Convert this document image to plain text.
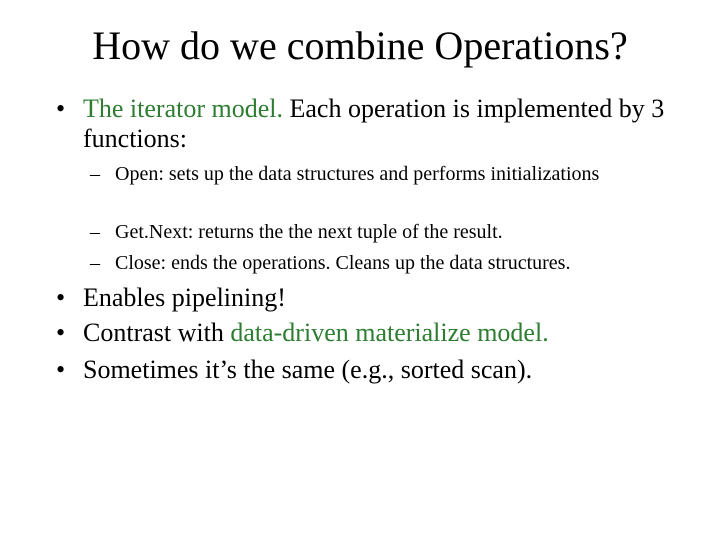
How do we combine Operations?
• The iterator model. Each operation is implemented by 3 functions:
– Open: sets up the data structures and performs initializations
– Get.Next: returns the the next tuple of the result.
– Close: ends the operations. Cleans up the data structures.
• Enables pipelining!
• Contrast with data-driven materialize model.
• Sometimes it’s the same (e.g., sorted scan).
